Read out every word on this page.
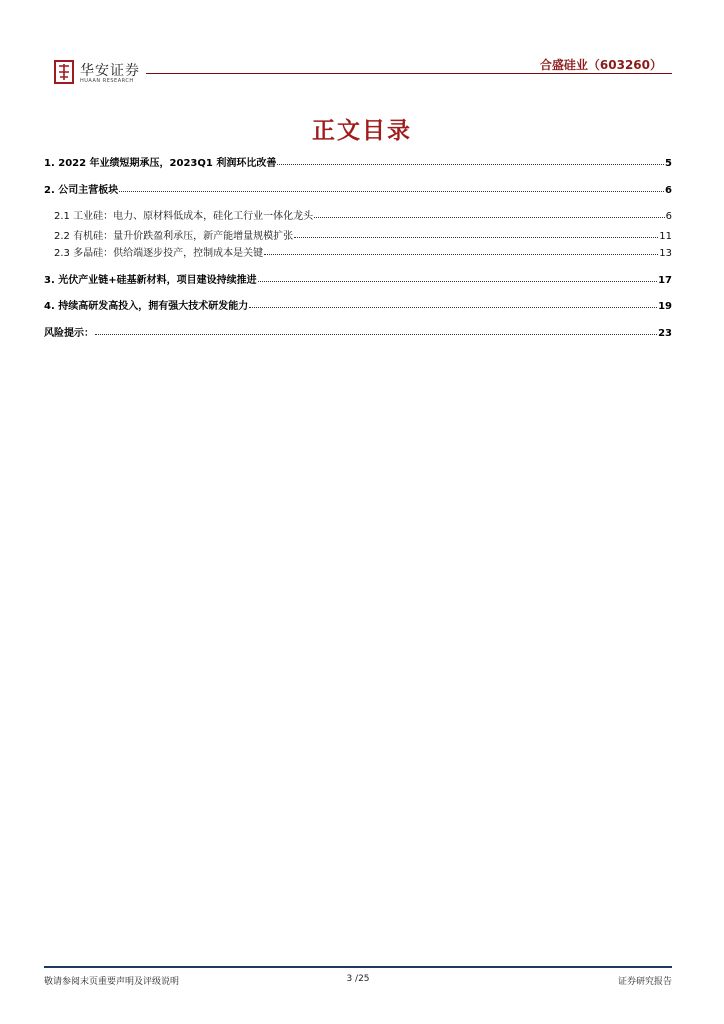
华安证券
HUAAN RESEARCH
合盛硅业（603260）
正文目录
1. 2022 年业绩短期承压，2023Q1 利润环比改善	5
2. 公司主营板块	6
2.1 工业硅：电力、原材料低成本，硅化工行业一体化龙头	6
2.2 有机硅：量升价跌盈利承压，新产能增量规模扩张	11
2.3 多晶硅：供给端逐步投产，控制成本是关键	13
3. 光伏产业链+硅基新材料，项目建设持续推进	17
4. 持续高研发高投入，拥有强大技术研发能力	19
风险提示：	23
敬请参阅末页重要声明及评级说明	3 /25	证券研究报告
